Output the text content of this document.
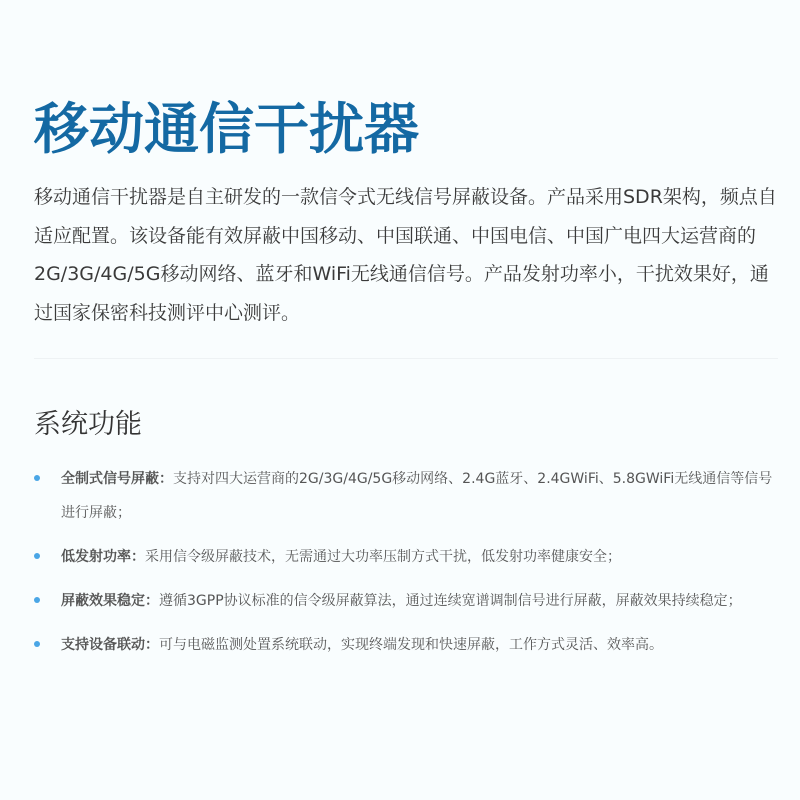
移动通信干扰器

移动通信干扰器是自主研发的一款信令式无线信号屏蔽设备。产品采用SDR架构，频点自适应配置。该设备能有效屏蔽中国移动、中国联通、中国电信、中国广电四大运营商的2G/3G/4G/5G移动网络、蓝牙和WiFi无线通信信号。产品发射功率小，干扰效果好，通过国家保密科技测评中心测评。

系统功能
全制式信号屏蔽：支持对四大运营商的2G/3G/4G/5G移动网络、2.4G蓝牙、2.4GWiFi、5.8GWiFi无线通信等信号进行屏蔽；
低发射功率：采用信令级屏蔽技术，无需通过大功率压制方式干扰，低发射功率健康安全；
屏蔽效果稳定：遵循3GPP协议标准的信令级屏蔽算法，通过连续宽谱调制信号进行屏蔽，屏蔽效果持续稳定；
支持设备联动：可与电磁监测处置系统联动，实现终端发现和快速屏蔽，工作方式灵活、效率高。
